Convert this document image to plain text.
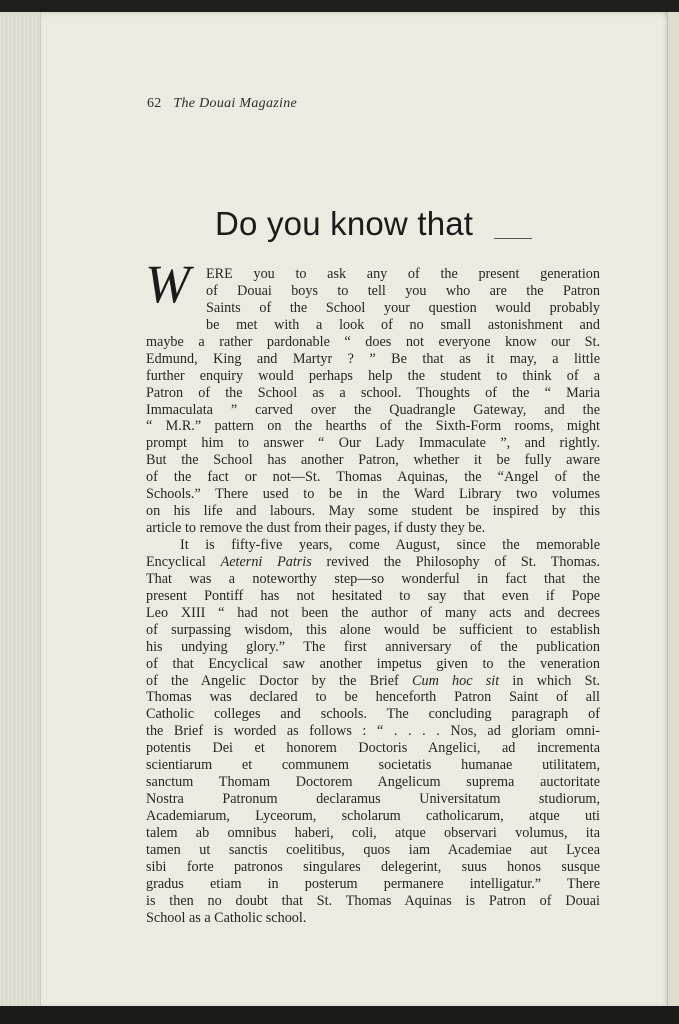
62 The Douai Magazine
Do you know that
W	ERE you to ask any of the present generation
of Douai boys to tell you who are the Patron
Saints of the School your question would probably
be met with a look of no small astonishment and
maybe a rather pardonable “ does not everyone know our St.
Edmund, King and Martyr ? ” Be that as it may, a little
further enquiry would perhaps help the student to think of a
Patron of the School as a school. Thoughts of the “ Maria
Immaculata ” carved over the Quadrangle Gateway, and the
“ M.R.” pattern on the hearths of the Sixth-Form rooms, might
prompt him to answer “ Our Lady Immaculate ”, and rightly.
But the School has another Patron, whether it be fully aware
of the fact or not—St. Thomas Aquinas, the “Angel of the
Schools.” There used to be in the Ward Library two volumes
on his life and labours. May some student be inspired by this
article to remove the dust from their pages, if dusty they be.
It is fifty-five years, come August, since the memorable
Encyclical Aeterni Patris revived the Philosophy of St. Thomas.
That was a noteworthy step—so wonderful in fact that the
present Pontiff has not hesitated to say that even if Pope
Leo XIII “ had not been the author of many acts and decrees
of surpassing wisdom, this alone would be sufficient to establish
his undying glory.” The first anniversary of the publication
of that Encyclical saw another impetus given to the veneration
of the Angelic Doctor by the Brief Cum hoc sit in which St.
Thomas was declared to be henceforth Patron Saint of all
Catholic colleges and schools. The concluding paragraph of
the Brief is worded as follows : “ . . . . Nos, ad gloriam omni-
potentis Dei et honorem Doctoris Angelici, ad incrementa
scientiarum et communem societatis humanae utilitatem,
sanctum Thomam Doctorem Angelicum suprema auctoritate
Nostra Patronum declaramus Universitatum studiorum,
Academiarum, Lyceorum, scholarum catholicarum, atque uti
talem ab omnibus haberi, coli, atque observari volumus, ita
tamen ut sanctis coelitibus, quos iam Academiae aut Lycea
sibi forte patronos singulares delegerint, suus honos susque
gradus etiam in posterum permanere intelligatur.” There
is then no doubt that St. Thomas Aquinas is Patron of Douai
School as a Catholic school.
